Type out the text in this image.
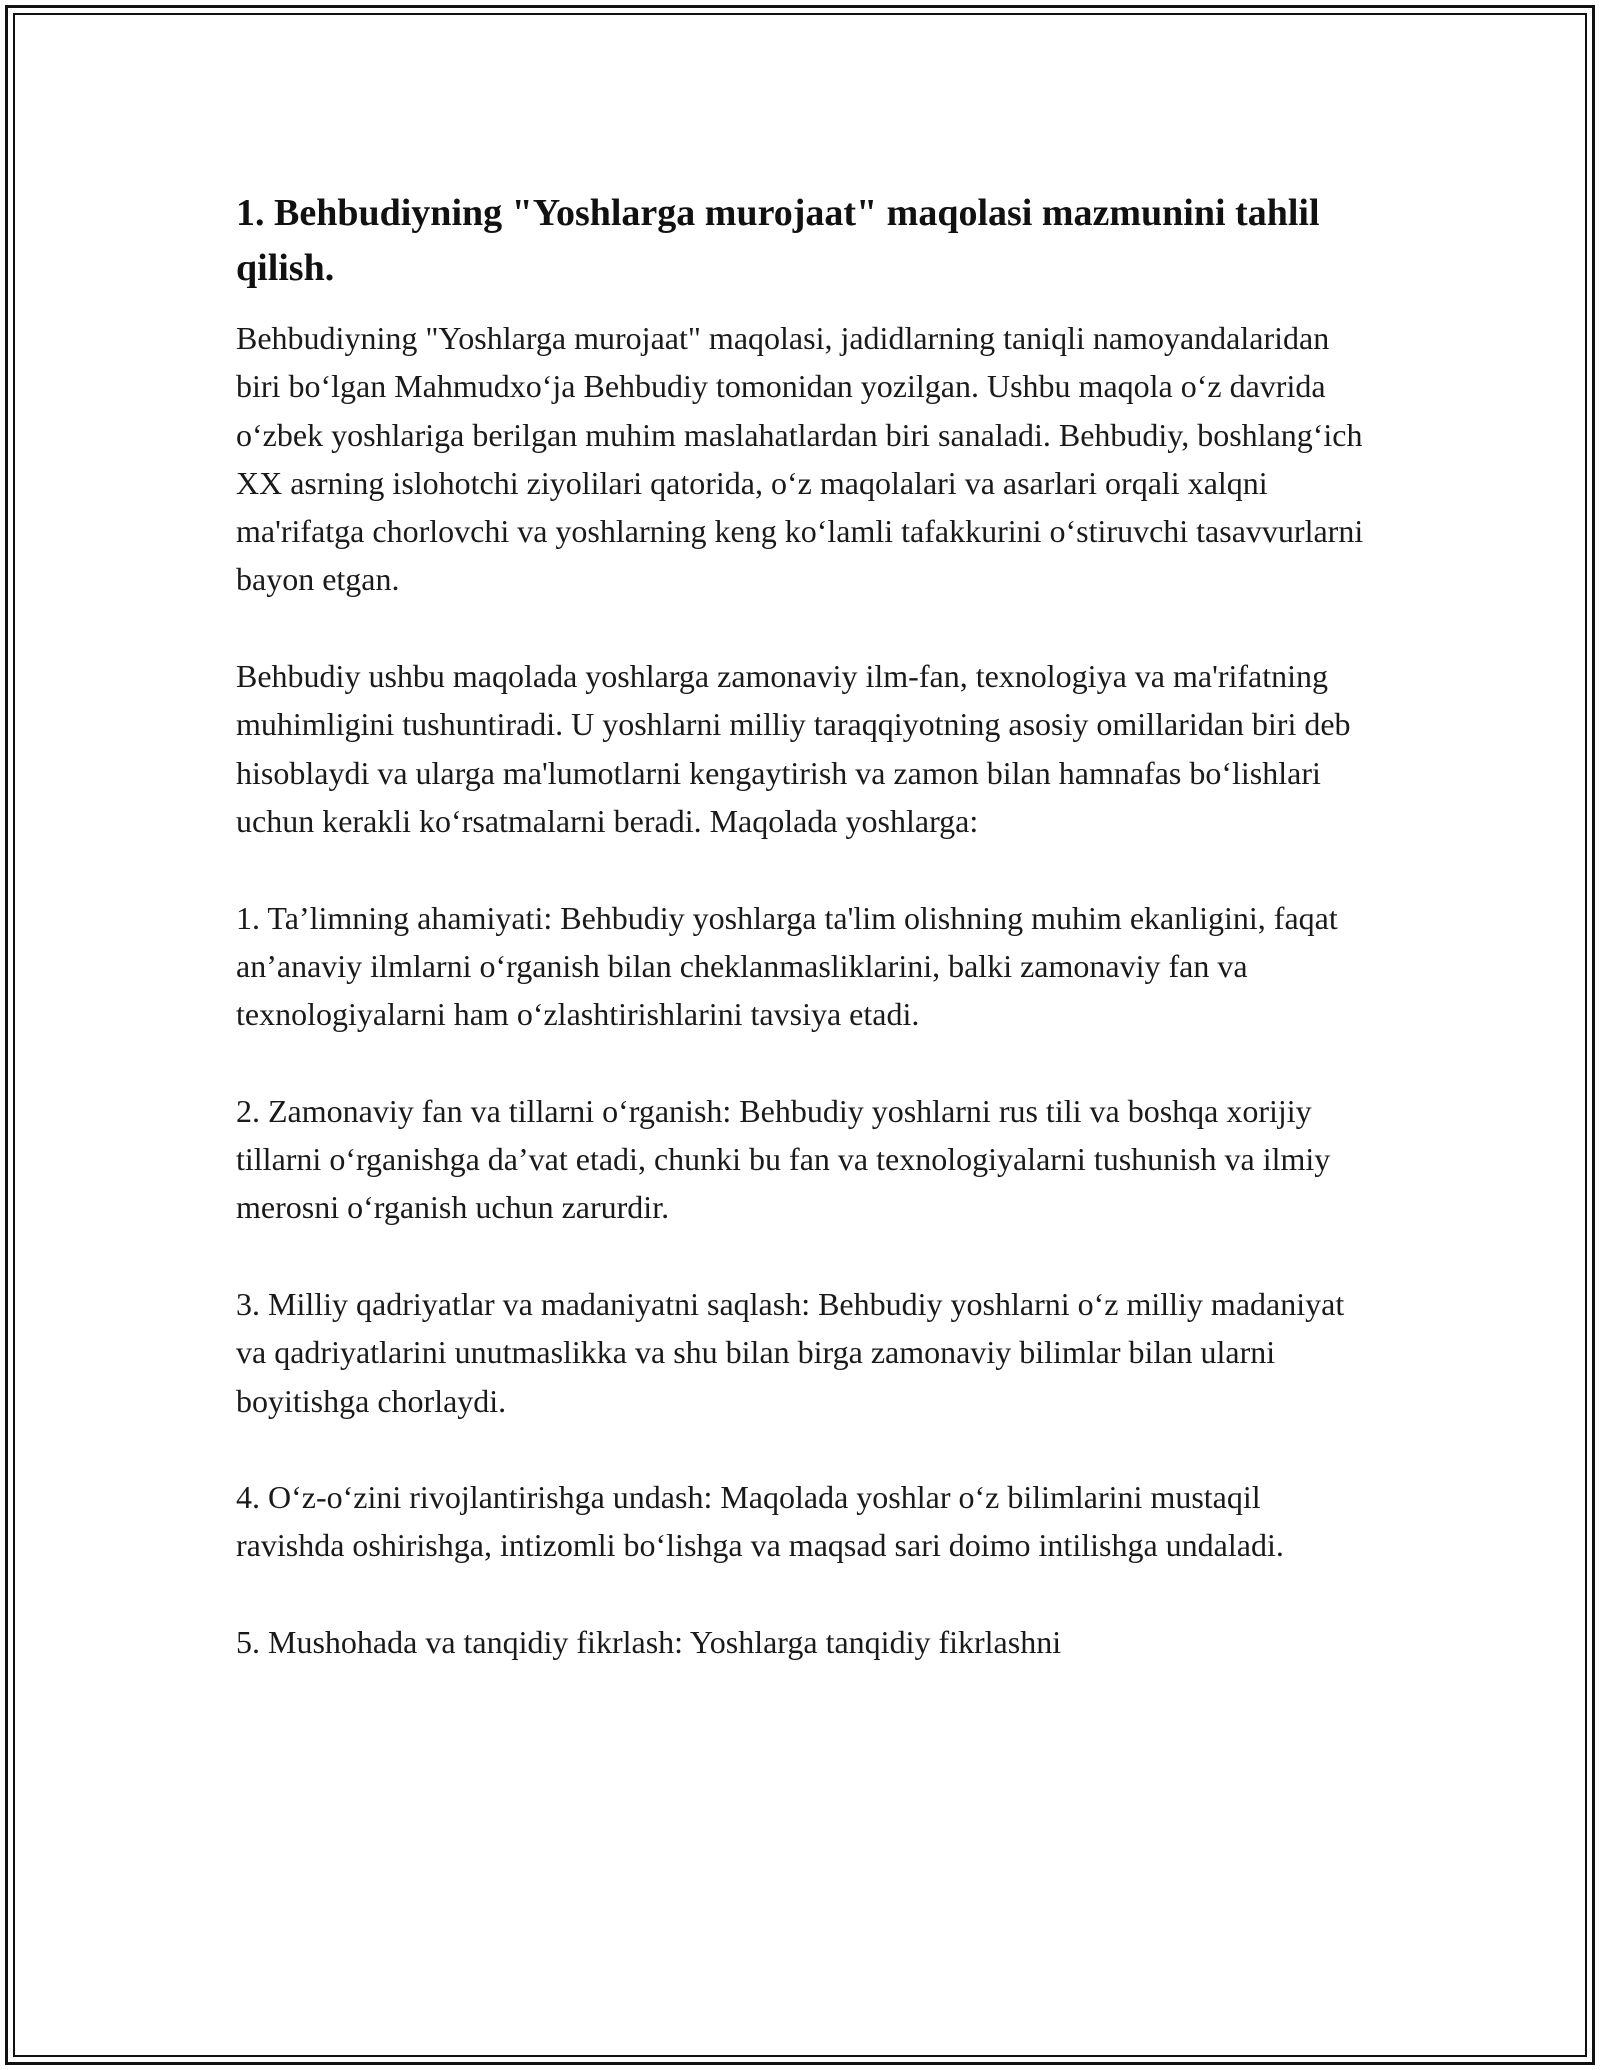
1. Behbudiyning "Yoshlarga murojaat" maqolasi mazmunini tahlil qilish.

Behbudiyning "Yoshlarga murojaat" maqolasi, jadidlarning taniqli namoyandalaridan biri boʻlgan Mahmudxoʻja Behbudiy tomonidan yozilgan. Ushbu maqola oʻz davrida oʻzbek yoshlariga berilgan muhim maslahatlardan biri sanaladi. Behbudiy, boshlangʻich XX asrning islohotchi ziyolilari qatorida, oʻz maqolalari va asarlari orqali xalqni ma'rifatga chorlovchi va yoshlarning keng koʻlamli tafakkurini oʻstiruvchi tasavvurlarni bayon etgan.

Behbudiy ushbu maqolada yoshlarga zamonaviy ilm-fan, texnologiya va ma'rifatning muhimligini tushuntiradi. U yoshlarni milliy taraqqiyotning asosiy omillaridan biri deb hisoblaydi va ularga ma'lumotlarni kengaytirish va zamon bilan hamnafas boʻlishlari uchun kerakli koʻrsatmalarni beradi. Maqolada yoshlarga:

1. Ta’limning ahamiyati: Behbudiy yoshlarga ta'lim olishning muhim ekanligini, faqat an’anaviy ilmlarni oʻrganish bilan cheklanmasliklarini, balki zamonaviy fan va texnologiyalarni ham oʻzlashtirishlarini tavsiya etadi.

2. Zamonaviy fan va tillarni oʻrganish: Behbudiy yoshlarni rus tili va boshqa xorijiy tillarni oʻrganishga da’vat etadi, chunki bu fan va texnologiyalarni tushunish va ilmiy merosni oʻrganish uchun zarurdir.

3. Milliy qadriyatlar va madaniyatni saqlash: Behbudiy yoshlarni oʻz milliy madaniyat va qadriyatlarini unutmaslikka va shu bilan birga zamonaviy bilimlar bilan ularni boyitishga chorlaydi.

4. Oʻz-oʻzini rivojlantirishga undash: Maqolada yoshlar oʻz bilimlarini mustaqil ravishda oshirishga, intizomli boʻlishga va maqsad sari doimo intilishga undaladi.

5. Mushohada va tanqidiy fikrlash: Yoshlarga tanqidiy fikrlashni
